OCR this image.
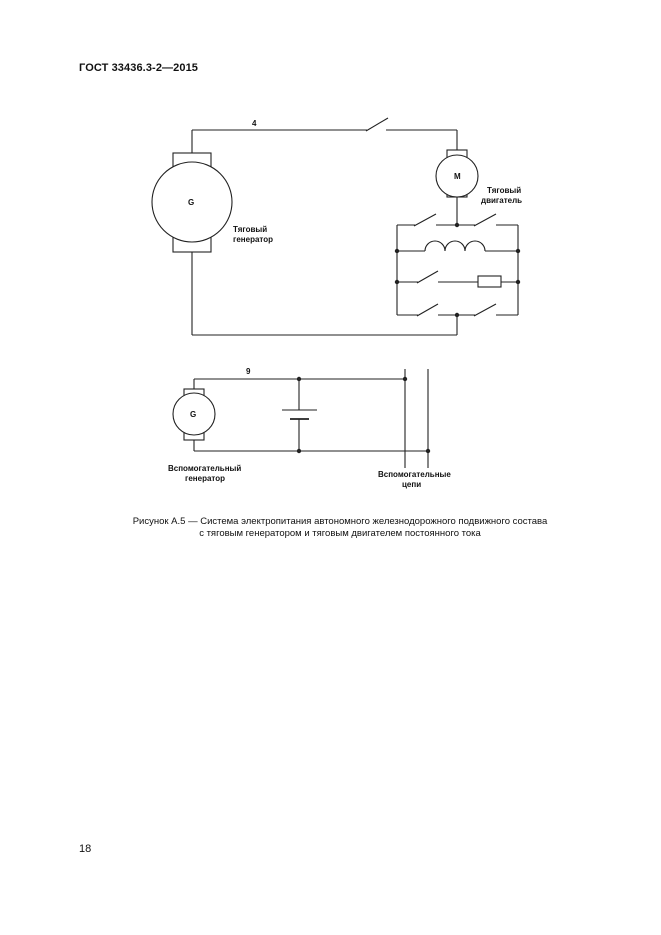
ГОСТ 33436.3-2—2015
4
G
M
Тяговый
генератор
Тяговый
двигатель
9
G
Вспомогательный
генератор	Вспомогательные
цепи
Рисунок А.5 — Система электропитания автономного железнодорожного подвижного состава
с тяговым генератором и тяговым двигателем постоянного тока
18
